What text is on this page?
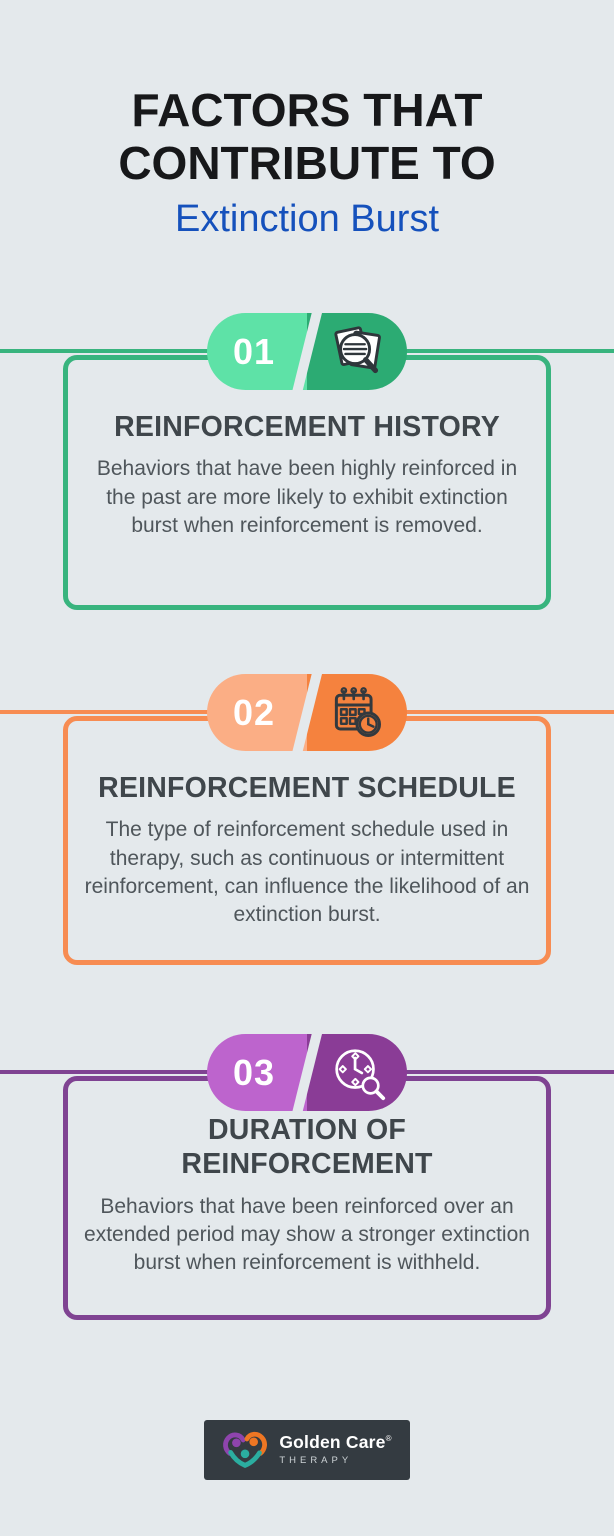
FACTORS THAT
CONTRIBUTE TO
Extinction Burst
01
REINFORCEMENT HISTORY

Behaviors that have been highly reinforced in the past are more likely to exhibit extinction burst when reinforcement is removed.

02
REINFORCEMENT SCHEDULE

The type of reinforcement schedule used in therapy, such as continuous or intermittent reinforcement, can influence the likelihood of an extinction burst.

03
DURATION OF REINFORCEMENT

Behaviors that have been reinforced over an extended period may show a stronger extinction burst when reinforcement is withheld.

Golden Care®
THERAPY
